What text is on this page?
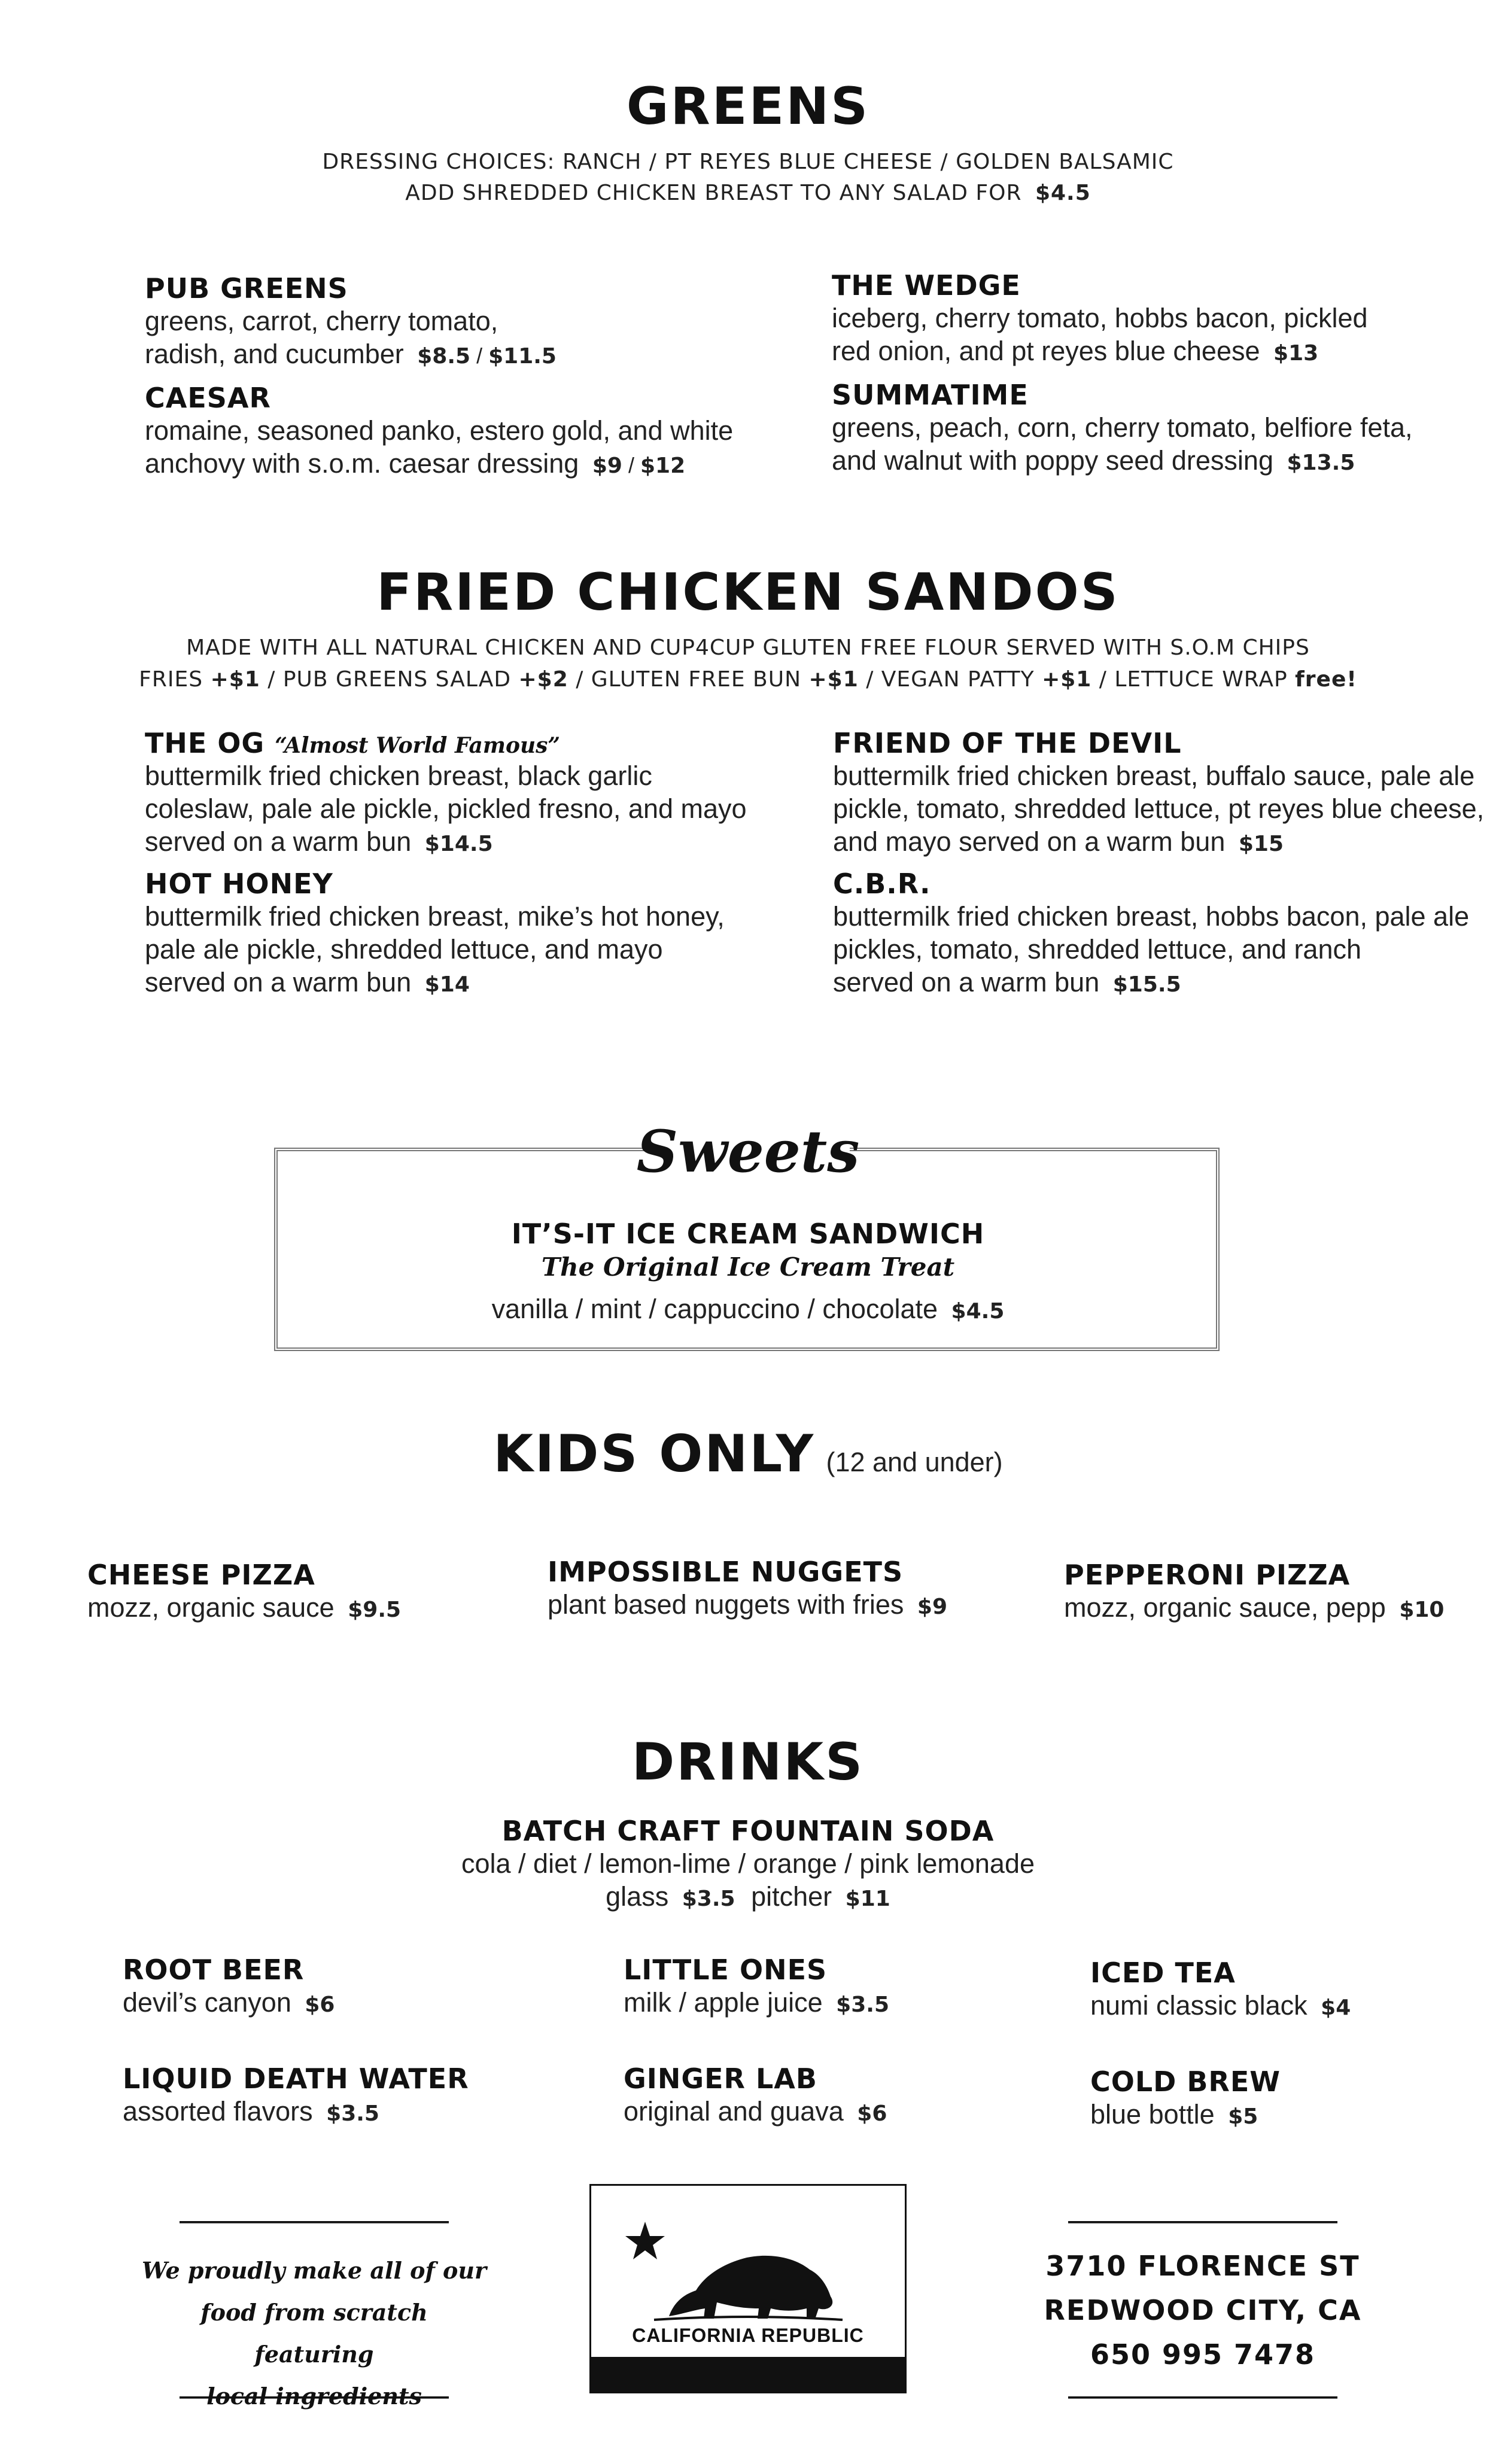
GREENS
DRESSING CHOICES: RANCH / PT REYES BLUE CHEESE / GOLDEN BALSAMIC
ADD SHREDDED CHICKEN BREAST TO ANY SALAD FOR $4.5
PUB GREENS
greens, carrot, cherry tomato,
radish, and cucumber $8.5 / $11.5
CAESAR
romaine, seasoned panko, estero gold, and white
anchovy with s.o.m. caesar dressing $9 / $12
THE WEDGE
iceberg, cherry tomato, hobbs bacon, pickled
red onion, and pt reyes blue cheese $13
SUMMATIME
greens, peach, corn, cherry tomato, belfiore feta,
and walnut with poppy seed dressing $13.5
FRIED CHICKEN SANDOS
MADE WITH ALL NATURAL CHICKEN AND CUP4CUP GLUTEN FREE FLOUR SERVED WITH S.O.M CHIPS
FRIES +$1 / PUB GREENS SALAD +$2 / GLUTEN FREE BUN +$1 / VEGAN PATTY +$1 / LETTUCE WRAP free!
THE OG “Almost World Famous”
buttermilk fried chicken breast, black garlic
coleslaw, pale ale pickle, pickled fresno, and mayo
served on a warm bun $14.5
HOT HONEY
buttermilk fried chicken breast, mike’s hot honey,
pale ale pickle, shredded lettuce, and mayo
served on a warm bun $14
FRIEND OF THE DEVIL
buttermilk fried chicken breast, buffalo sauce, pale ale
pickle, tomato, shredded lettuce, pt reyes blue cheese,
and mayo served on a warm bun $15
C.B.R.
buttermilk fried chicken breast, hobbs bacon, pale ale
pickles, tomato, shredded lettuce, and ranch
served on a warm bun $15.5
Sweets
IT’S-IT ICE CREAM SANDWICH
The Original Ice Cream Treat
vanilla / mint / cappuccino / chocolate $4.5
KIDS ONLY (12 and under)
CHEESE PIZZA
mozz, organic sauce $9.5
IMPOSSIBLE NUGGETS
plant based nuggets with fries $9
PEPPERONI PIZZA
mozz, organic sauce, pepp $10
DRINKS
BATCH CRAFT FOUNTAIN SODA
cola / diet / lemon-lime / orange / pink lemonade
glass $3.5 pitcher $11
ROOT BEER
devil’s canyon $6
LIQUID DEATH WATER
assorted flavors $3.5
LITTLE ONES
milk / apple juice $3.5
GINGER LAB
original and guava $6
ICED TEA
numi classic black $4
COLD BREW
blue bottle $5
We proudly make all of our
food from scratch featuring
local ingredients
CALIFORNIA REPUBLIC
3710 FLORENCE ST
REDWOOD CITY, CA
650 995 7478
